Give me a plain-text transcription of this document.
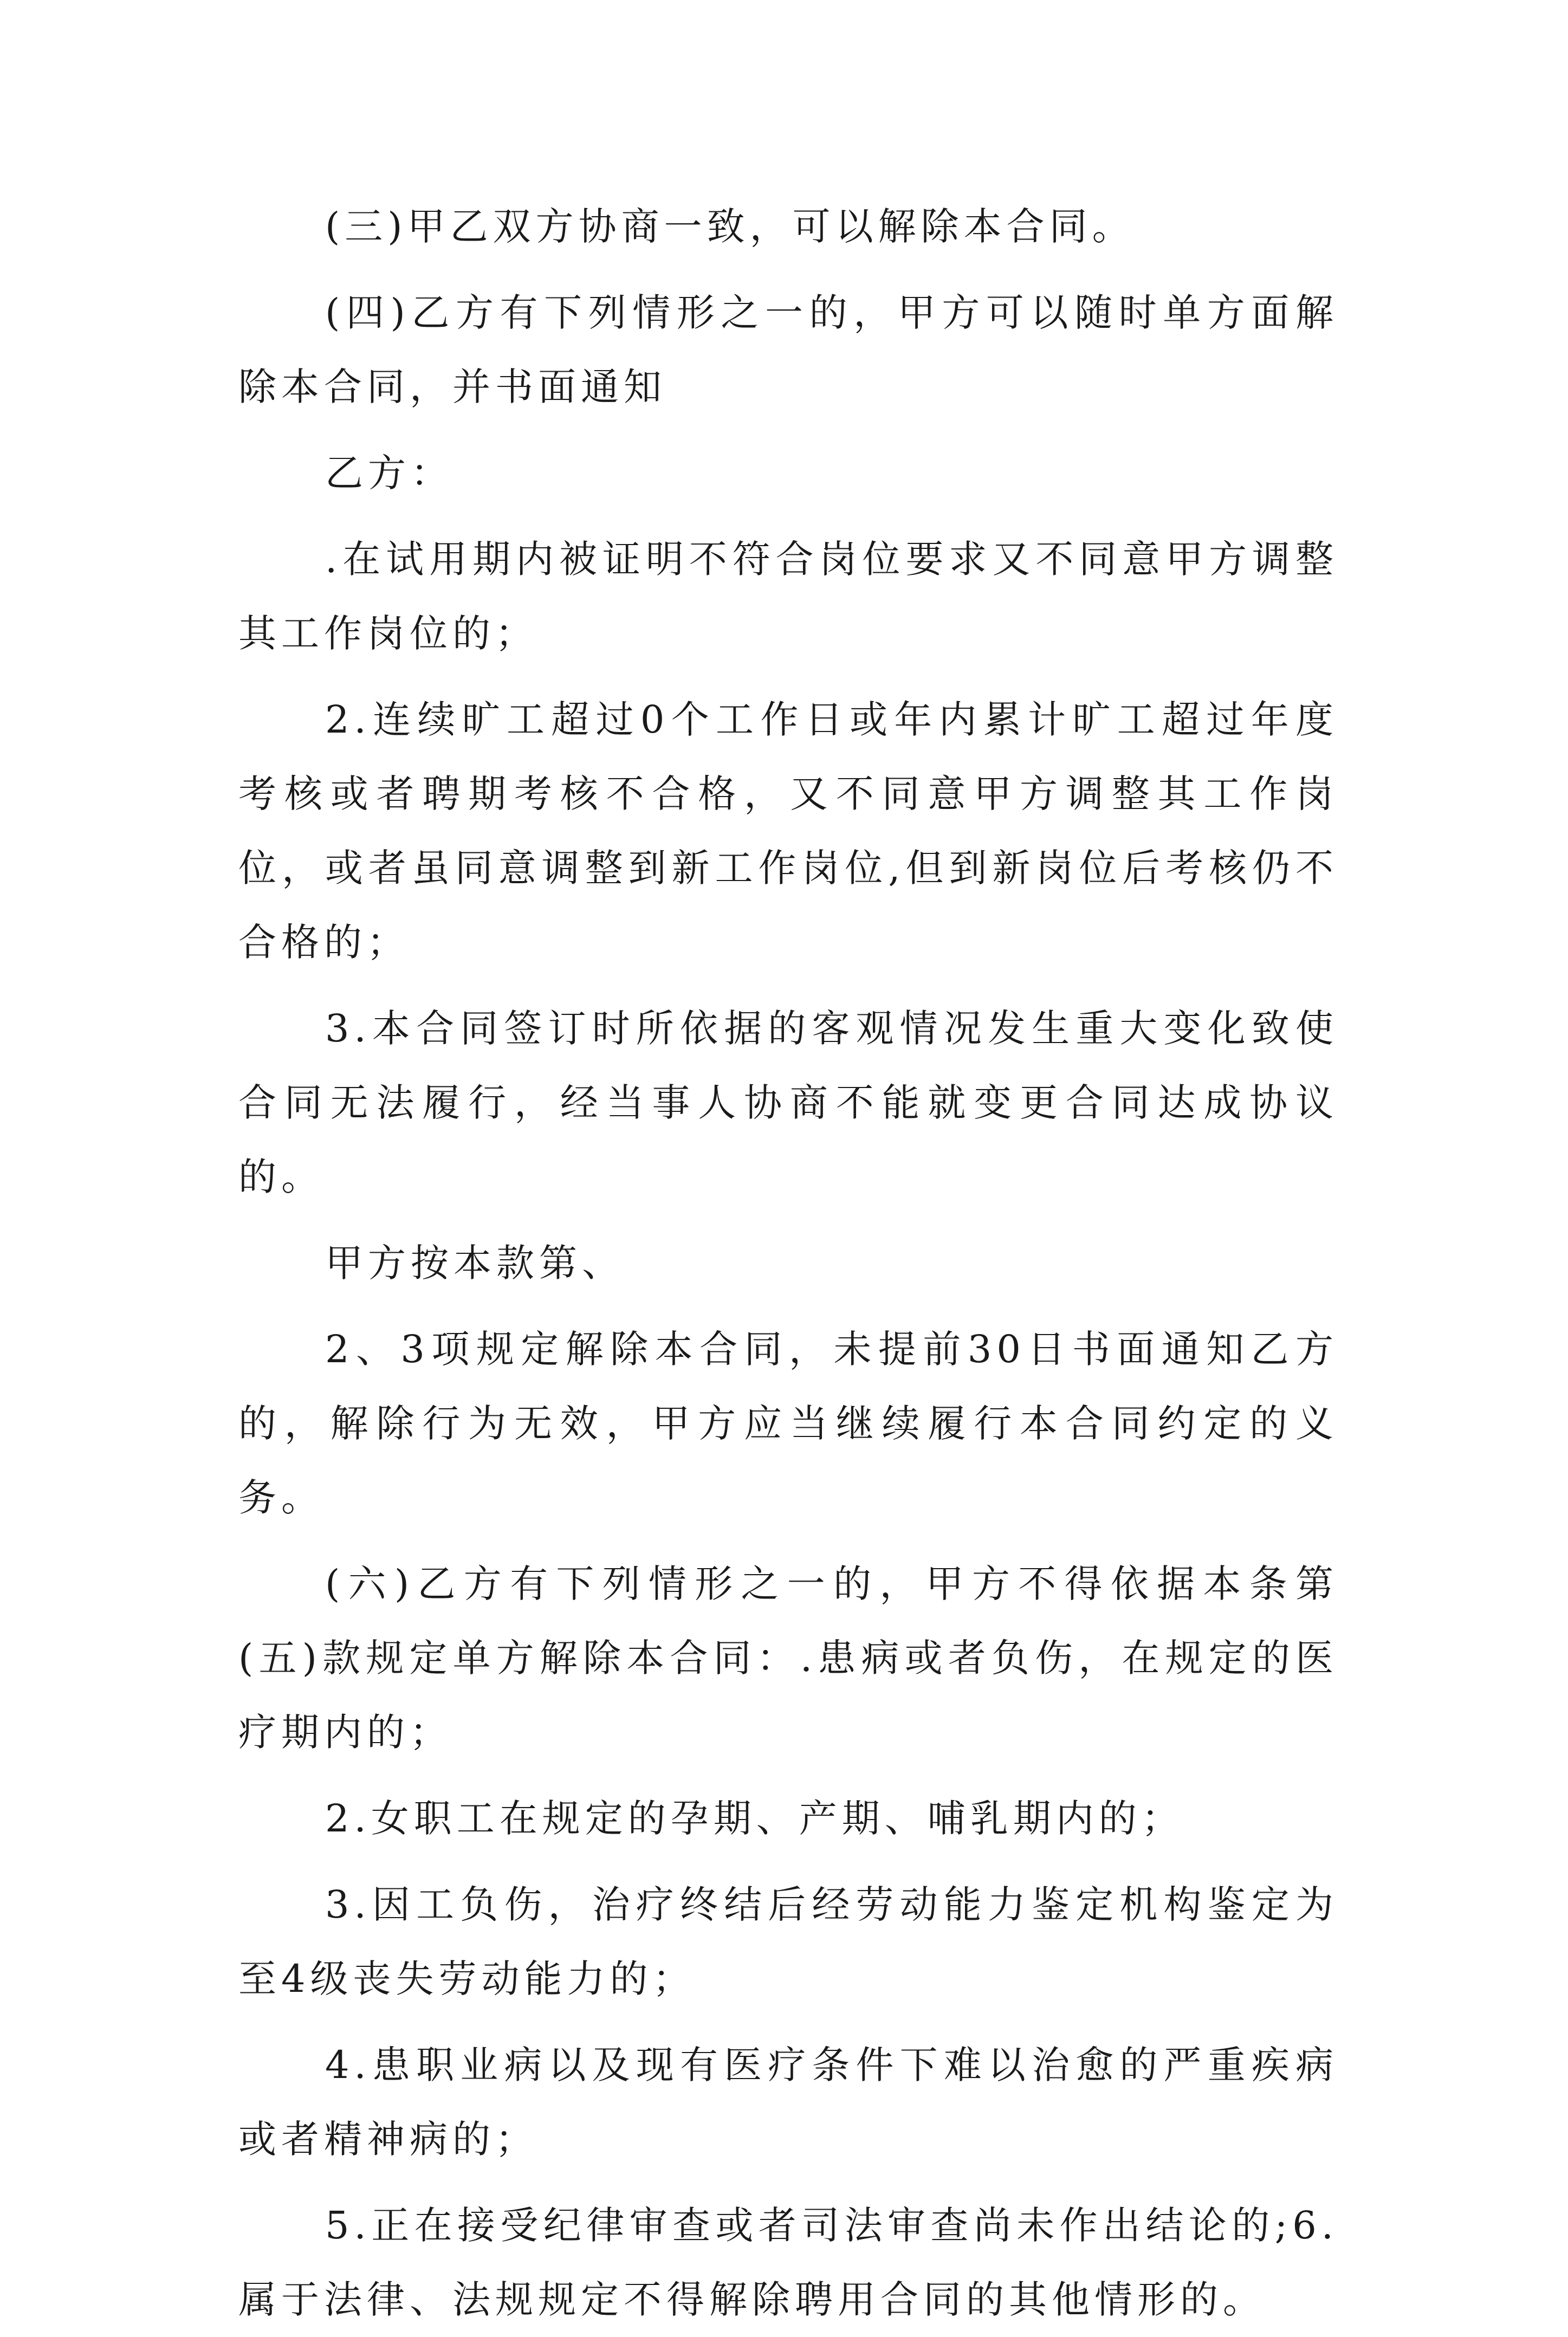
(三)甲乙双方协商一致，可以解除本合同。

(四)乙方有下列情形之一的，甲方可以随时单方面解除本合同，并书面通知

乙方：

.在试用期内被证明不符合岗位要求又不同意甲方调整其工作岗位的；

2.连续旷工超过0个工作日或年内累计旷工超过年度考核或者聘期考核不合格，又不同意甲方调整其工作岗位，或者虽同意调整到新工作岗位,但到新岗位后考核仍不合格的；

3.本合同签订时所依据的客观情况发生重大变化致使合同无法履行，经当事人协商不能就变更合同达成协议的。

甲方按本款第、

2、3项规定解除本合同，未提前30日书面通知乙方的，解除行为无效，甲方应当继续履行本合同约定的义务。

(六)乙方有下列情形之一的，甲方不得依据本条第(五)款规定单方解除本合同：.患病或者负伤，在规定的医疗期内的；

2.女职工在规定的孕期、产期、哺乳期内的；

3.因工负伤，治疗终结后经劳动能力鉴定机构鉴定为至4级丧失劳动能力的；

4.患职业病以及现有医疗条件下难以治愈的严重疾病或者精神病的；

5.正在接受纪律审查或者司法审查尚未作出结论的;6.属于法律、法规规定不得解除聘用合同的其他情形的。
